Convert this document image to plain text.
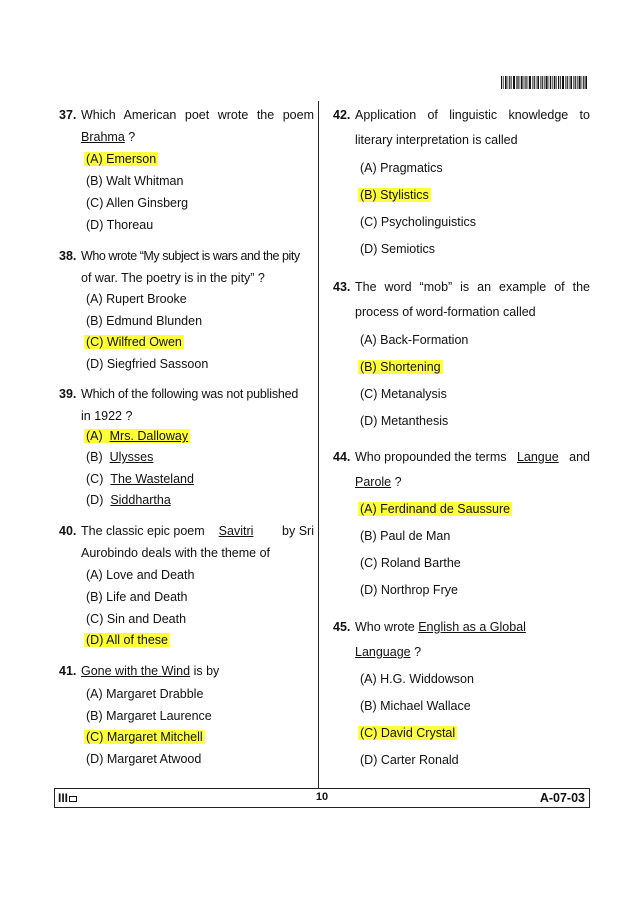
37. Which American poet wrote the poem
Brahma ?
(A) Emerson
(B) Walt Whitman
(C) Allen Ginsberg
(D) Thoreau
38. Who wrote “My subject is wars and the pity
of war. The poetry is in the pity” ?
(A) Rupert Brooke
(B) Edmund Blunden
(C) Wilfred Owen
(D) Siegfried Sassoon
39. Which of the following was not published
in 1922 ?
(A) Mrs. Dalloway
(B) Ulysses
(C) The Wasteland
(D) Siddhartha
40. The classic epic poem Savitri by Sri
Aurobindo deals with the theme of
(A) Love and Death
(B) Life and Death
(C) Sin and Death
(D) All of these
41. Gone with the Wind is by
(A) Margaret Drabble
(B) Margaret Laurence
(C) Margaret Mitchell
(D) Margaret Atwood
42. Application of linguistic knowledge to
literary interpretation is called
(A) Pragmatics
(B) Stylistics
(C) Psycholinguistics
(D) Semiotics
43. The word “mob” is an example of the
process of word-formation called
(A) Back-Formation
(B) Shortening
(C) Metanalysis
(D) Metanthesis
44. Who propounded the terms Langue and
Parole ?
(A) Ferdinand de Saussure
(B) Paul de Man
(C) Roland Barthe
(D) Northrop Frye
45. Who wrote English as a Global
Language ?
(A) H.G. Widdowson
(B) Michael Wallace
(C) David Crystal
(D) Carter Ronald
III	10	A-07-03
